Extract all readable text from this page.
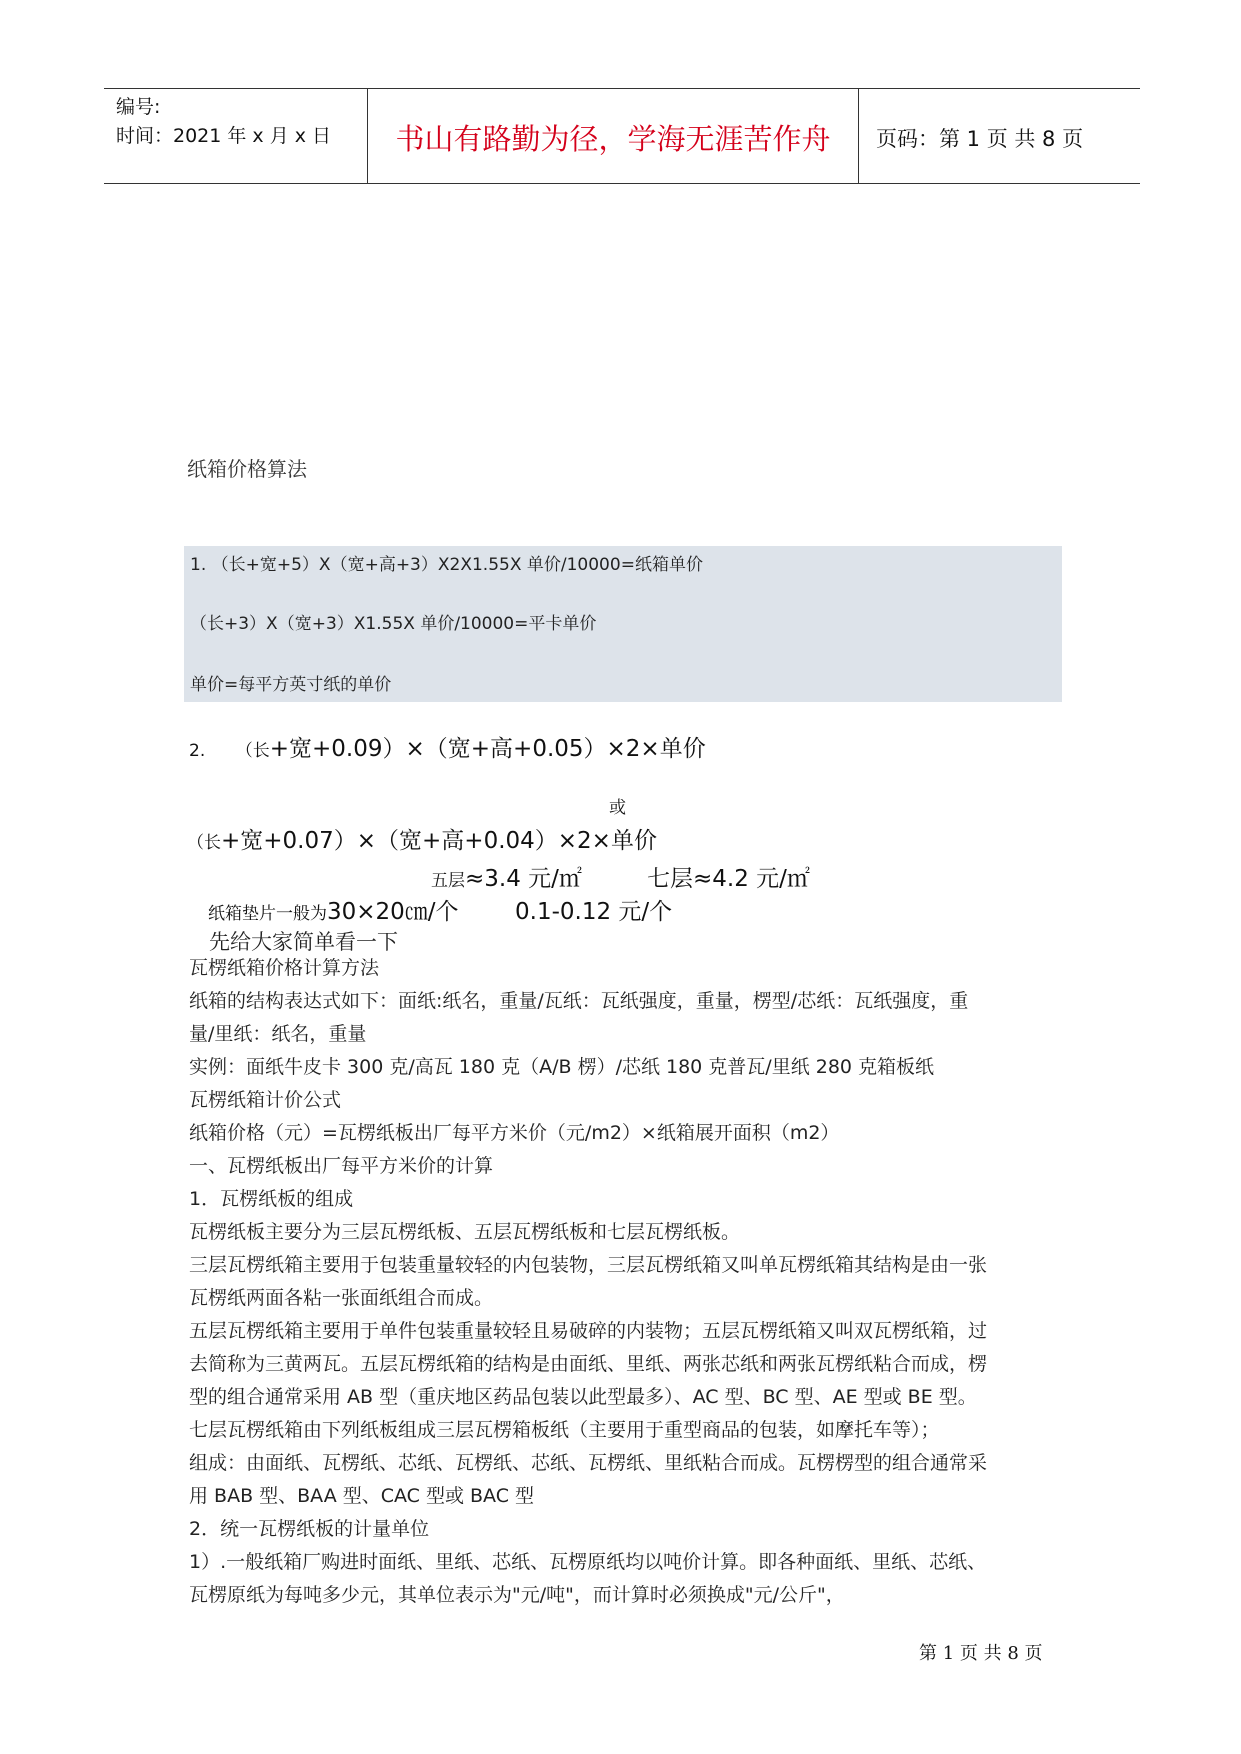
编号:
时间：2021 年 x 月 x 日	书山有路勤为径，学海无涯苦作舟	页码：第 1 页 共 8 页
纸箱价格算法
1. （长+宽+5）X（宽+高+3）X2X1.55X 单价/10000=纸箱单价
（长+3）X（宽+3）X1.55X 单价/10000=平卡单价
单价=每平方英寸纸的单价
2. （长+宽+0.09）×（宽+高+0.05）×2×单价
或
（长+宽+0.07）×（宽+高+0.04）×2×单价
五层≈3.4 元/㎡	七层≈4.2 元/㎡
纸箱垫片一般为30×20㎝/个 0.1-0.12 元/个
先给大家简单看一下
瓦楞纸箱价格计算方法
纸箱的结构表达式如下：面纸:纸名，重量/瓦纸：瓦纸强度，重量，楞型/芯纸：瓦纸强度，重
量/里纸：纸名，重量
实例：面纸牛皮卡 300 克/高瓦 180 克（A/B 楞）/芯纸 180 克普瓦/里纸 280 克箱板纸
瓦楞纸箱计价公式
纸箱价格（元）=瓦楞纸板出厂每平方米价（元/m2）×纸箱展开面积（m2）
一、瓦楞纸板出厂每平方米价的计算
1．瓦楞纸板的组成
瓦楞纸板主要分为三层瓦楞纸板、五层瓦楞纸板和七层瓦楞纸板。
三层瓦楞纸箱主要用于包装重量较轻的内包装物，三层瓦楞纸箱又叫单瓦楞纸箱其结构是由一张
瓦楞纸两面各粘一张面纸组合而成。
五层瓦楞纸箱主要用于单件包装重量较轻且易破碎的内装物；五层瓦楞纸箱又叫双瓦楞纸箱，过
去简称为三黄两瓦。五层瓦楞纸箱的结构是由面纸、里纸、两张芯纸和两张瓦楞纸粘合而成，楞
型的组合通常采用 AB 型（重庆地区药品包装以此型最多）、AC 型、BC 型、AE 型或 BE 型。
七层瓦楞纸箱由下列纸板组成三层瓦楞箱板纸（主要用于重型商品的包装，如摩托车等）；
组成：由面纸、瓦楞纸、芯纸、瓦楞纸、芯纸、瓦楞纸、里纸粘合而成。瓦楞楞型的组合通常采
用 BAB 型、BAA 型、CAC 型或 BAC 型
2．统一瓦楞纸板的计量单位
1）.一般纸箱厂购进时面纸、里纸、芯纸、瓦楞原纸均以吨价计算。即各种面纸、里纸、芯纸、
瓦楞原纸为每吨多少元，其单位表示为"元/吨"，而计算时必须换成"元/公斤"，
第 1 页 共 8 页
